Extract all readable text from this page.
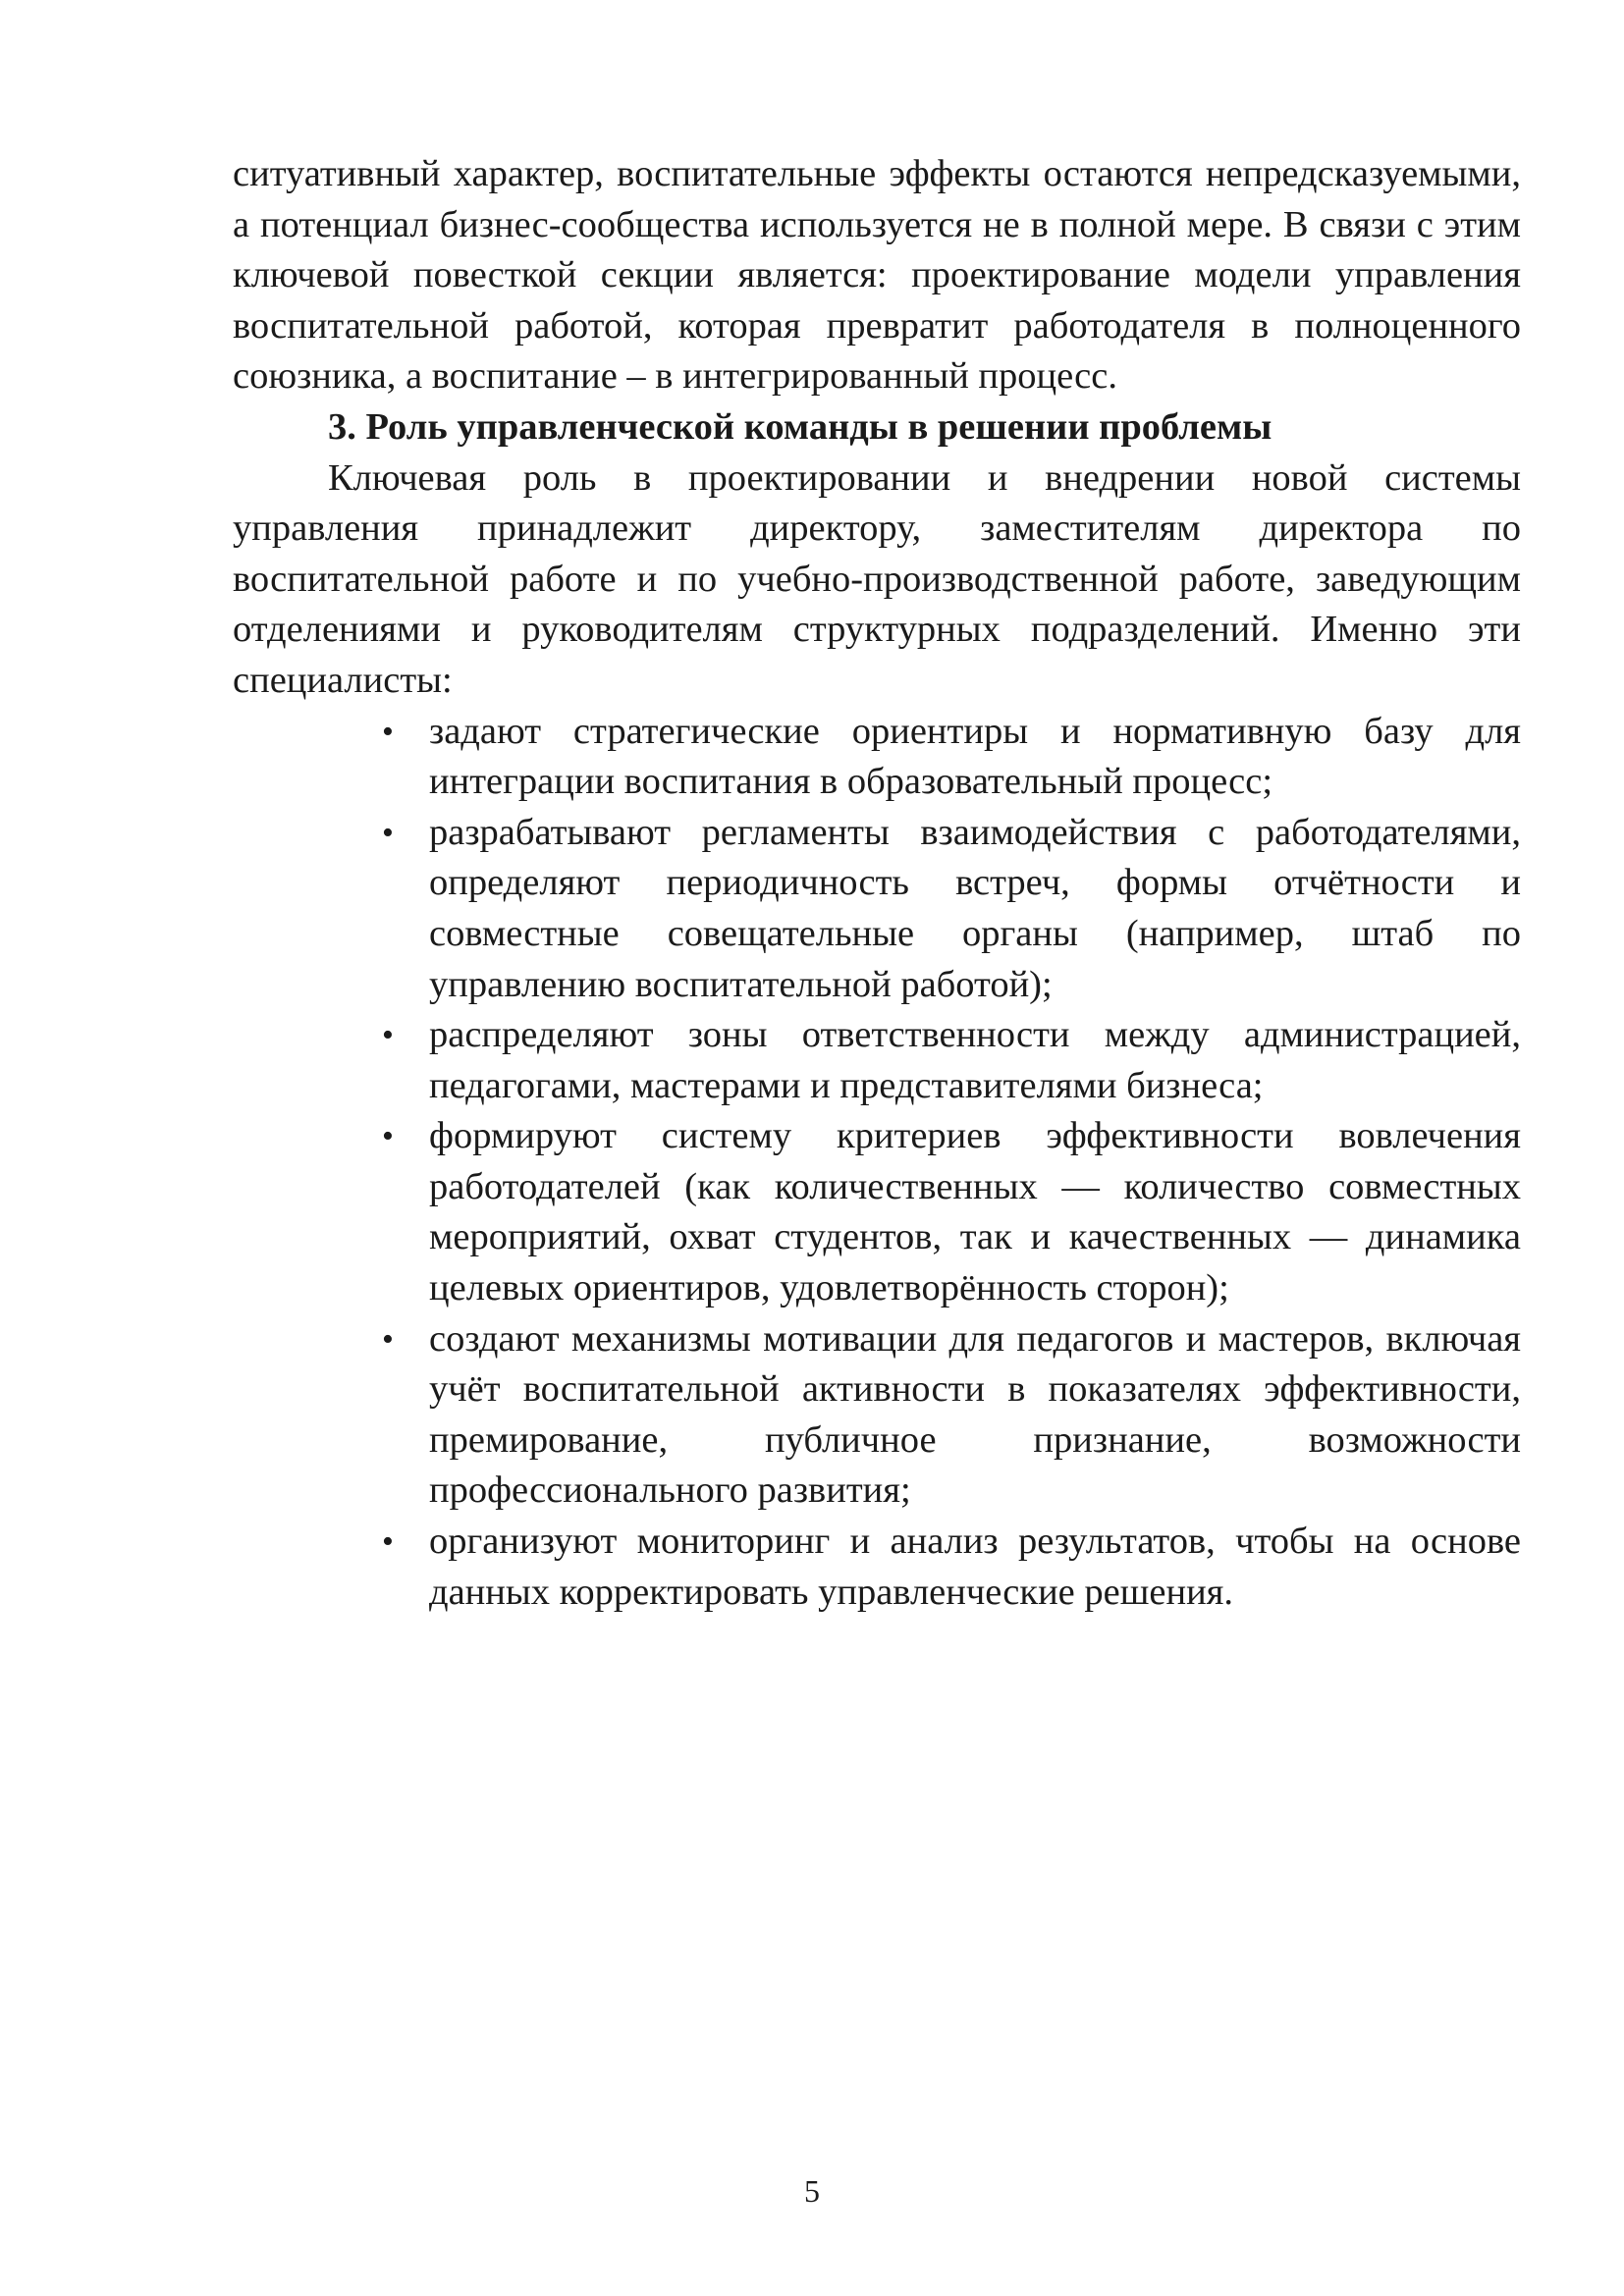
ситуативный характер, воспитательные эффекты остаются непредсказуемыми, а потенциал бизнес-сообщества используется не в полной мере. В связи с этим ключевой повесткой секции является: проектирование модели управления воспитательной работой, которая превратит работодателя в полноценного союзника, а воспитание – в интегрированный процесс.

3. Роль управленческой команды в решении проблемы

Ключевая роль в проектировании и внедрении новой системы управления принадлежит директору, заместителям директора по воспитательной работе и по учебно-производственной работе, заведующим отделениями и руководителям структурных подразделений. Именно эти специалисты:

• задают стратегические ориентиры и нормативную базу для интеграции воспитания в образовательный процесс;
• разрабатывают регламенты взаимодействия с работодателями, определяют периодичность встреч, формы отчётности и совместные совещательные органы (например, штаб по управлению воспитательной работой);
• распределяют зоны ответственности между администрацией, педагогами, мастерами и представителями бизнеса;
• формируют систему критериев эффективности вовлечения работодателей (как количественных — количество совместных мероприятий, охват студентов, так и качественных — динамика целевых ориентиров, удовлетворённость сторон);
• создают механизмы мотивации для педагогов и мастеров, включая учёт воспитательной активности в показателях эффективности, премирование, публичное признание, возможности профессионального развития;
• организуют мониторинг и анализ результатов, чтобы на основе данных корректировать управленческие решения.
5
